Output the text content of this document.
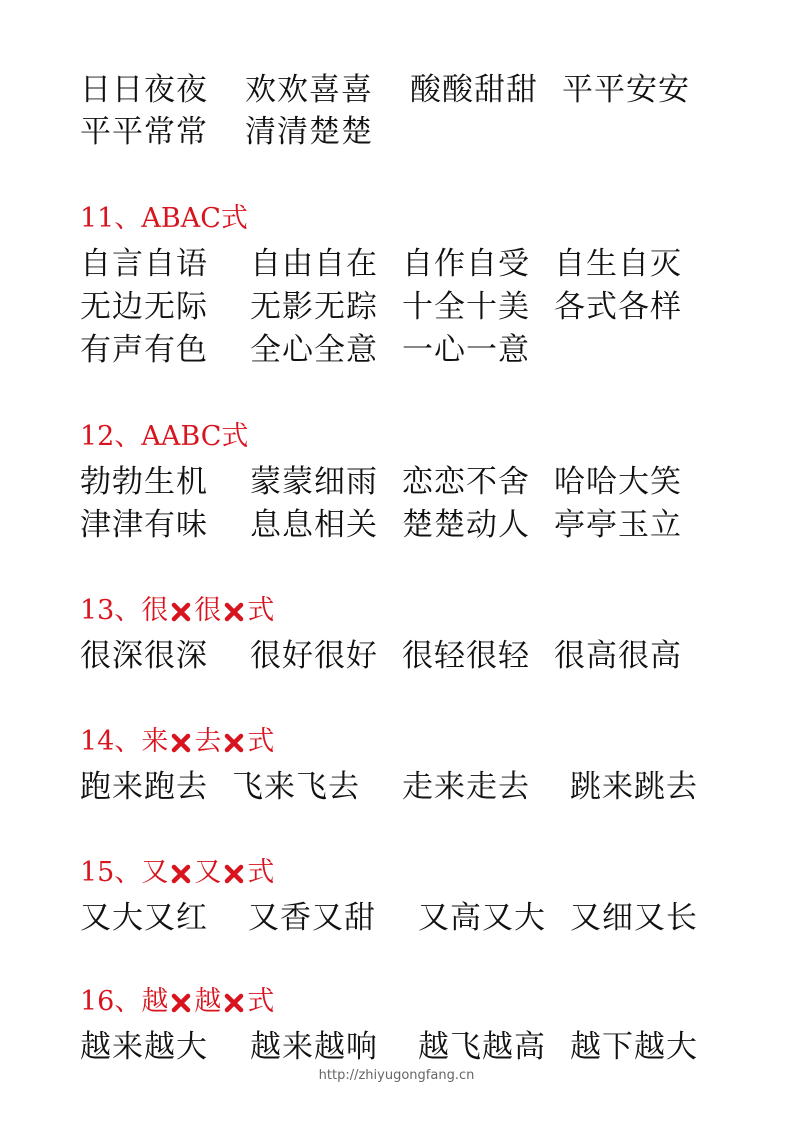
日日夜夜 欢欢喜喜 酸酸甜甜 平平安安
平平常常 清清楚楚
11、ABAC式
自言自语 自由自在 自作自受 自生自灭
无边无际 无影无踪 十全十美 各式各样
有声有色 全心全意 一心一意
12、AABC式
勃勃生机 蒙蒙细雨 恋恋不舍 哈哈大笑
津津有味 息息相关 楚楚动人 亭亭玉立
13、很 很 式
很深很深 很好很好 很轻很轻 很高很高
14、来 去 式
跑来跑去 飞来飞去 走来走去 跳来跳去
15、又 又 式
又大又红 又香又甜 又高又大 又细又长
16、越 越 式
越来越大 越来越响 越飞越高 越下越大
http://zhiyugongfang.cn
